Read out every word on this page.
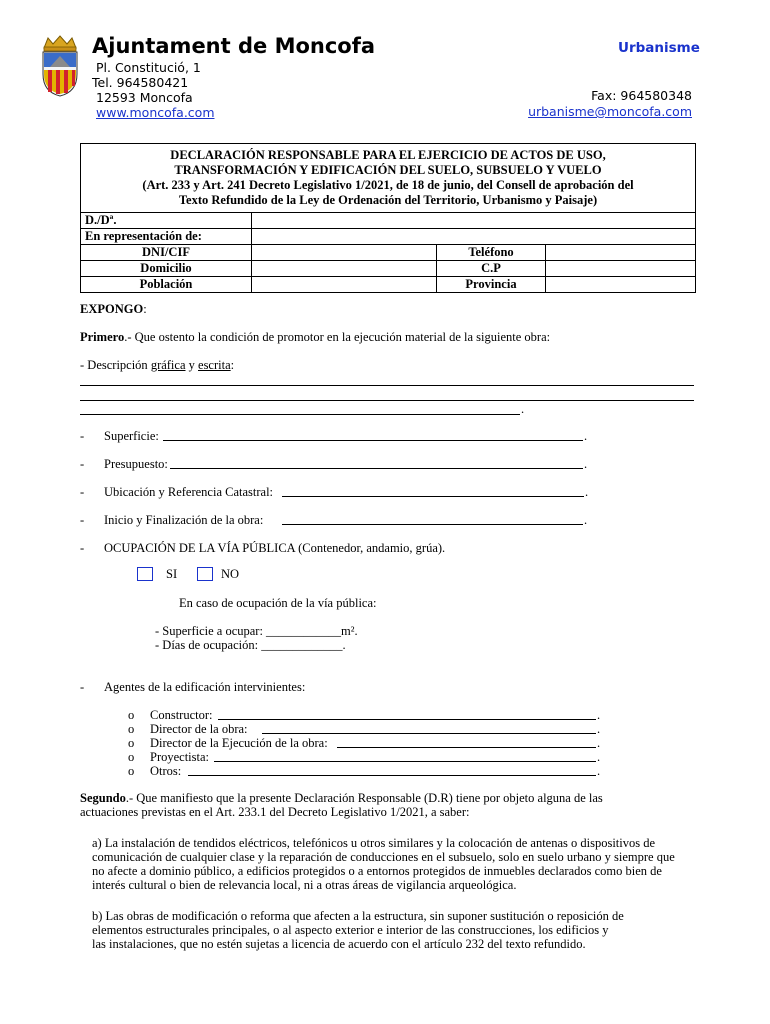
Ajuntament de Moncofa	Urbanisme
Pl. Constitució, 1
Tel. 964580421
12593 Moncofa
www.moncofa.com
Fax: 964580348
urbanisme@moncofa.com
DECLARACIÓN RESPONSABLE PARA EL EJERCICIO DE ACTOS DE USO,
TRANSFORMACIÓN Y EDIFICACIÓN DEL SUELO, SUBSUELO Y VUELO
(Art. 233 y Art. 241 Decreto Legislativo 1/2021, de 18 de junio, del Consell de aprobación del
Texto Refundido de la Ley de Ordenación del Territorio, Urbanismo y Paisaje)			

D./Dª.			
En representación de:			
DNI/CIF		Teléfono	
Domicilio		C.P	
Población		Provincia	
EXPONGO:
Primero.- Que ostento la condición de promotor en la ejecución material de la siguiente obra:
- Descripción gráfica y escrita:
.
- Superficie:	.
- Presupuesto:	.
- Ubicación y Referencia Catastral:	.
- Inicio y Finalización de la obra:	.
- OCUPACIÓN DE LA VÍA PÚBLICA (Contenedor, andamio, grúa).
SI	NO
En caso de ocupación de la vía pública:
- Superficie a ocupar: ____________m².
- Días de ocupación: _____________.
- Agentes de la edificación intervinientes:
o Constructor:	.
o Director de la obra:	.
o Director de la Ejecución de la obra:	.
o Proyectista:	.
o Otros:	.
Segundo.- Que manifiesto que la presente Declaración Responsable (D.R) tiene por objeto alguna de las
actuaciones previstas en el Art. 233.1 del Decreto Legislativo 1/2021, a saber:
a) La instalación de tendidos eléctricos, telefónicos u otros similares y la colocación de antenas o dispositivos de
comunicación de cualquier clase y la reparación de conducciones en el subsuelo, solo en suelo urbano y siempre que
no afecte a dominio público, a edificios protegidos o a entornos protegidos de inmuebles declarados como bien de
interés cultural o bien de relevancia local, ni a otras áreas de vigilancia arqueológica.
b) Las obras de modificación o reforma que afecten a la estructura, sin suponer sustitución o reposición de
elementos estructurales principales, o al aspecto exterior e interior de las construcciones, los edificios y
las instalaciones, que no estén sujetas a licencia de acuerdo con el artículo 232 del texto refundido.
